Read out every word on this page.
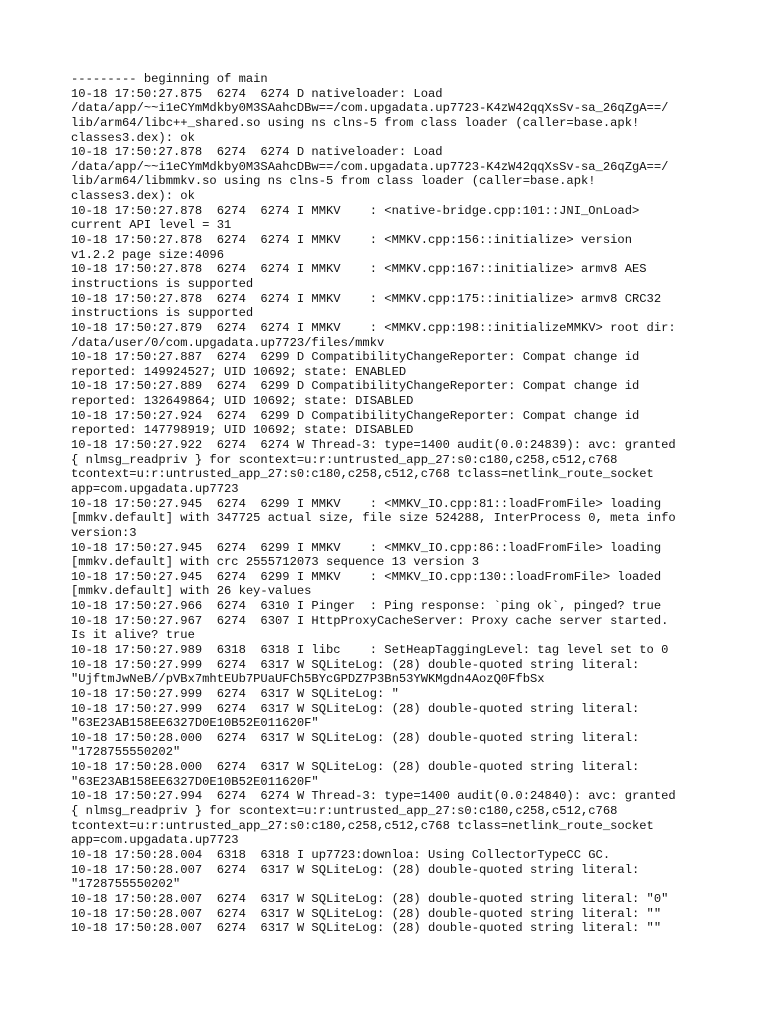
--------- beginning of main
10-18 17:50:27.875  6274  6274 D nativeloader: Load
/data/app/~~i1eCYmMdkby0M3SAahcDBw==/com.upgadata.up7723-K4zW42qqXsSv-sa_26qZgA==/
lib/arm64/libc++_shared.so using ns clns-5 from class loader (caller=base.apk!
classes3.dex): ok
10-18 17:50:27.878  6274  6274 D nativeloader: Load
/data/app/~~i1eCYmMdkby0M3SAahcDBw==/com.upgadata.up7723-K4zW42qqXsSv-sa_26qZgA==/
lib/arm64/libmmkv.so using ns clns-5 from class loader (caller=base.apk!
classes3.dex): ok
10-18 17:50:27.878  6274  6274 I MMKV    : <native-bridge.cpp:101::JNI_OnLoad>
current API level = 31
10-18 17:50:27.878  6274  6274 I MMKV    : <MMKV.cpp:156::initialize> version
v1.2.2 page size:4096
10-18 17:50:27.878  6274  6274 I MMKV    : <MMKV.cpp:167::initialize> armv8 AES
instructions is supported
10-18 17:50:27.878  6274  6274 I MMKV    : <MMKV.cpp:175::initialize> armv8 CRC32
instructions is supported
10-18 17:50:27.879  6274  6274 I MMKV    : <MMKV.cpp:198::initializeMMKV> root dir:
/data/user/0/com.upgadata.up7723/files/mmkv
10-18 17:50:27.887  6274  6299 D CompatibilityChangeReporter: Compat change id
reported: 149924527; UID 10692; state: ENABLED
10-18 17:50:27.889  6274  6299 D CompatibilityChangeReporter: Compat change id
reported: 132649864; UID 10692; state: DISABLED
10-18 17:50:27.924  6274  6299 D CompatibilityChangeReporter: Compat change id
reported: 147798919; UID 10692; state: DISABLED
10-18 17:50:27.922  6274  6274 W Thread-3: type=1400 audit(0.0:24839): avc: granted
{ nlmsg_readpriv } for scontext=u:r:untrusted_app_27:s0:c180,c258,c512,c768
tcontext=u:r:untrusted_app_27:s0:c180,c258,c512,c768 tclass=netlink_route_socket
app=com.upgadata.up7723
10-18 17:50:27.945  6274  6299 I MMKV    : <MMKV_IO.cpp:81::loadFromFile> loading
[mmkv.default] with 347725 actual size, file size 524288, InterProcess 0, meta info
version:3
10-18 17:50:27.945  6274  6299 I MMKV    : <MMKV_IO.cpp:86::loadFromFile> loading
[mmkv.default] with crc 2555712073 sequence 13 version 3
10-18 17:50:27.945  6274  6299 I MMKV    : <MMKV_IO.cpp:130::loadFromFile> loaded
[mmkv.default] with 26 key-values
10-18 17:50:27.966  6274  6310 I Pinger  : Ping response: `ping ok`, pinged? true
10-18 17:50:27.967  6274  6307 I HttpProxyCacheServer: Proxy cache server started.
Is it alive? true
10-18 17:50:27.989  6318  6318 I libc    : SetHeapTaggingLevel: tag level set to 0
10-18 17:50:27.999  6274  6317 W SQLiteLog: (28) double-quoted string literal:
"UjftmJwNeB//pVBx7mhtEUb7PUaUFCh5BYcGPDZ7P3Bn53YWKMgdn4AozQ0FfbSx
10-18 17:50:27.999  6274  6317 W SQLiteLog: "
10-18 17:50:27.999  6274  6317 W SQLiteLog: (28) double-quoted string literal:
"63E23AB158EE6327D0E10B52E011620F"
10-18 17:50:28.000  6274  6317 W SQLiteLog: (28) double-quoted string literal:
"1728755550202"
10-18 17:50:28.000  6274  6317 W SQLiteLog: (28) double-quoted string literal:
"63E23AB158EE6327D0E10B52E011620F"
10-18 17:50:27.994  6274  6274 W Thread-3: type=1400 audit(0.0:24840): avc: granted
{ nlmsg_readpriv } for scontext=u:r:untrusted_app_27:s0:c180,c258,c512,c768
tcontext=u:r:untrusted_app_27:s0:c180,c258,c512,c768 tclass=netlink_route_socket
app=com.upgadata.up7723
10-18 17:50:28.004  6318  6318 I up7723:downloa: Using CollectorTypeCC GC.
10-18 17:50:28.007  6274  6317 W SQLiteLog: (28) double-quoted string literal:
"1728755550202"
10-18 17:50:28.007  6274  6317 W SQLiteLog: (28) double-quoted string literal: "0"
10-18 17:50:28.007  6274  6317 W SQLiteLog: (28) double-quoted string literal: ""
10-18 17:50:28.007  6274  6317 W SQLiteLog: (28) double-quoted string literal: ""
